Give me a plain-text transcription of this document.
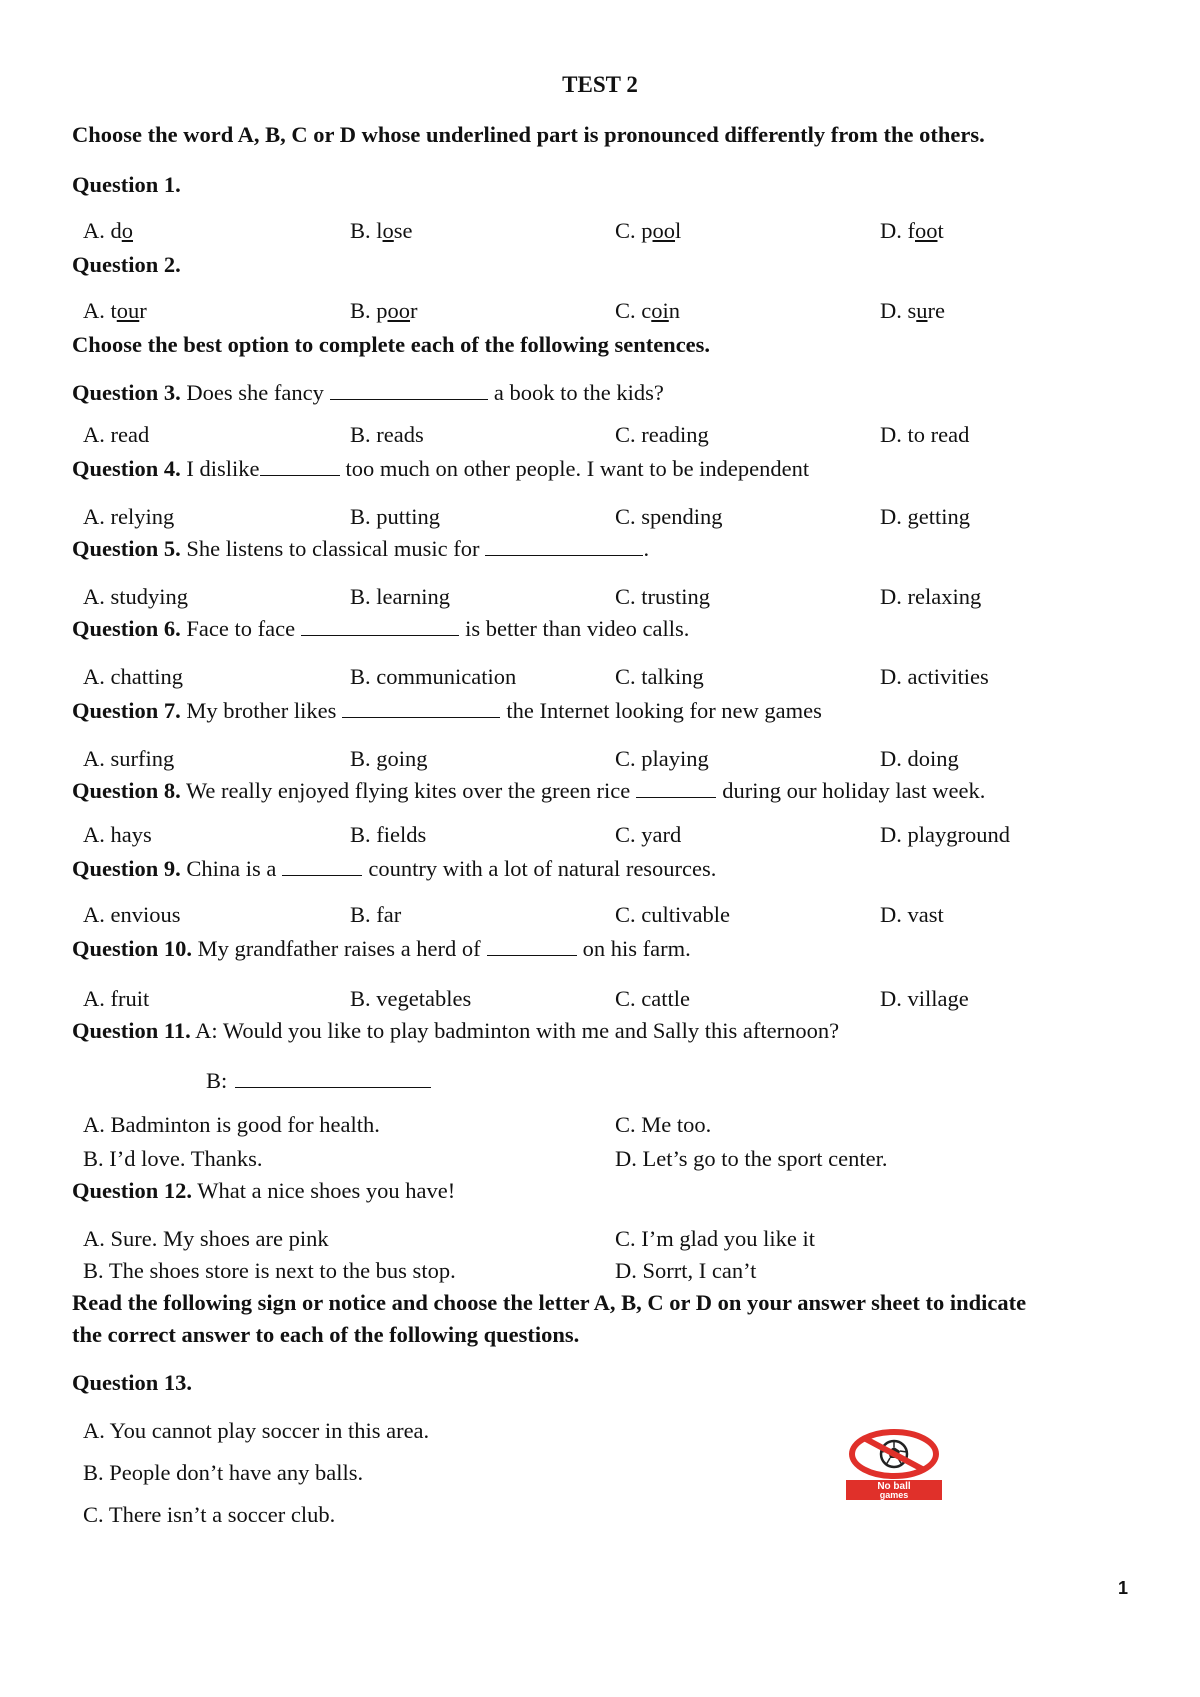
TEST 2
Choose the word A, B, C or D whose underlined part is pronounced differently from the others.
Question 1.
A. do	B. lose	C. pool	D. foot
Question 2.
A. tour	B. poor	C. coin	D. sure
Choose the best option to complete each of the following sentences.
Question 3. Does she fancy	a book to the kids?
A. read	B. reads	C. reading	D. to read
Question 4. I dislike	too much on other people. I want to be independent
A. relying	B. putting	C. spending	D. getting
Question 5. She listens to classical music for	.
A. studying	B. learning	C. trusting	D. relaxing
Question 6. Face to face	is better than video calls.
A. chatting	B. communication	C. talking	D. activities
Question 7. My brother likes	the Internet looking for new games
A. surfing	B. going	C. playing	D. doing
Question 8. We really enjoyed flying kites over the green rice	during our holiday last week.
A. hays	B. fields	C. yard	D. playground
Question 9. China is a	country with a lot of natural resources.
A. envious	B. far	C. cultivable	D. vast
Question 10. My grandfather raises a herd of	on his farm.
A. fruit	B. vegetables	C. cattle	D. village
Question 11. A: Would you like to play badminton with me and Sally this afternoon?
B:
A. Badminton is good for health.	C. Me too.
B. I’d love. Thanks.	D. Let’s go to the sport center.
Question 12. What a nice shoes you have!
A. Sure. My shoes are pink	C. I’m glad you like it
B. The shoes store is next to the bus stop.	D. Sorrt, I can’t
Read the following sign or notice and choose the letter A, B, C or D on your answer sheet to indicate
the correct answer to each of the following questions.
Question 13.
A. You cannot play soccer in this area.
B. People don’t have any balls.
C. There isn’t a soccer club.
No ball
games
1
